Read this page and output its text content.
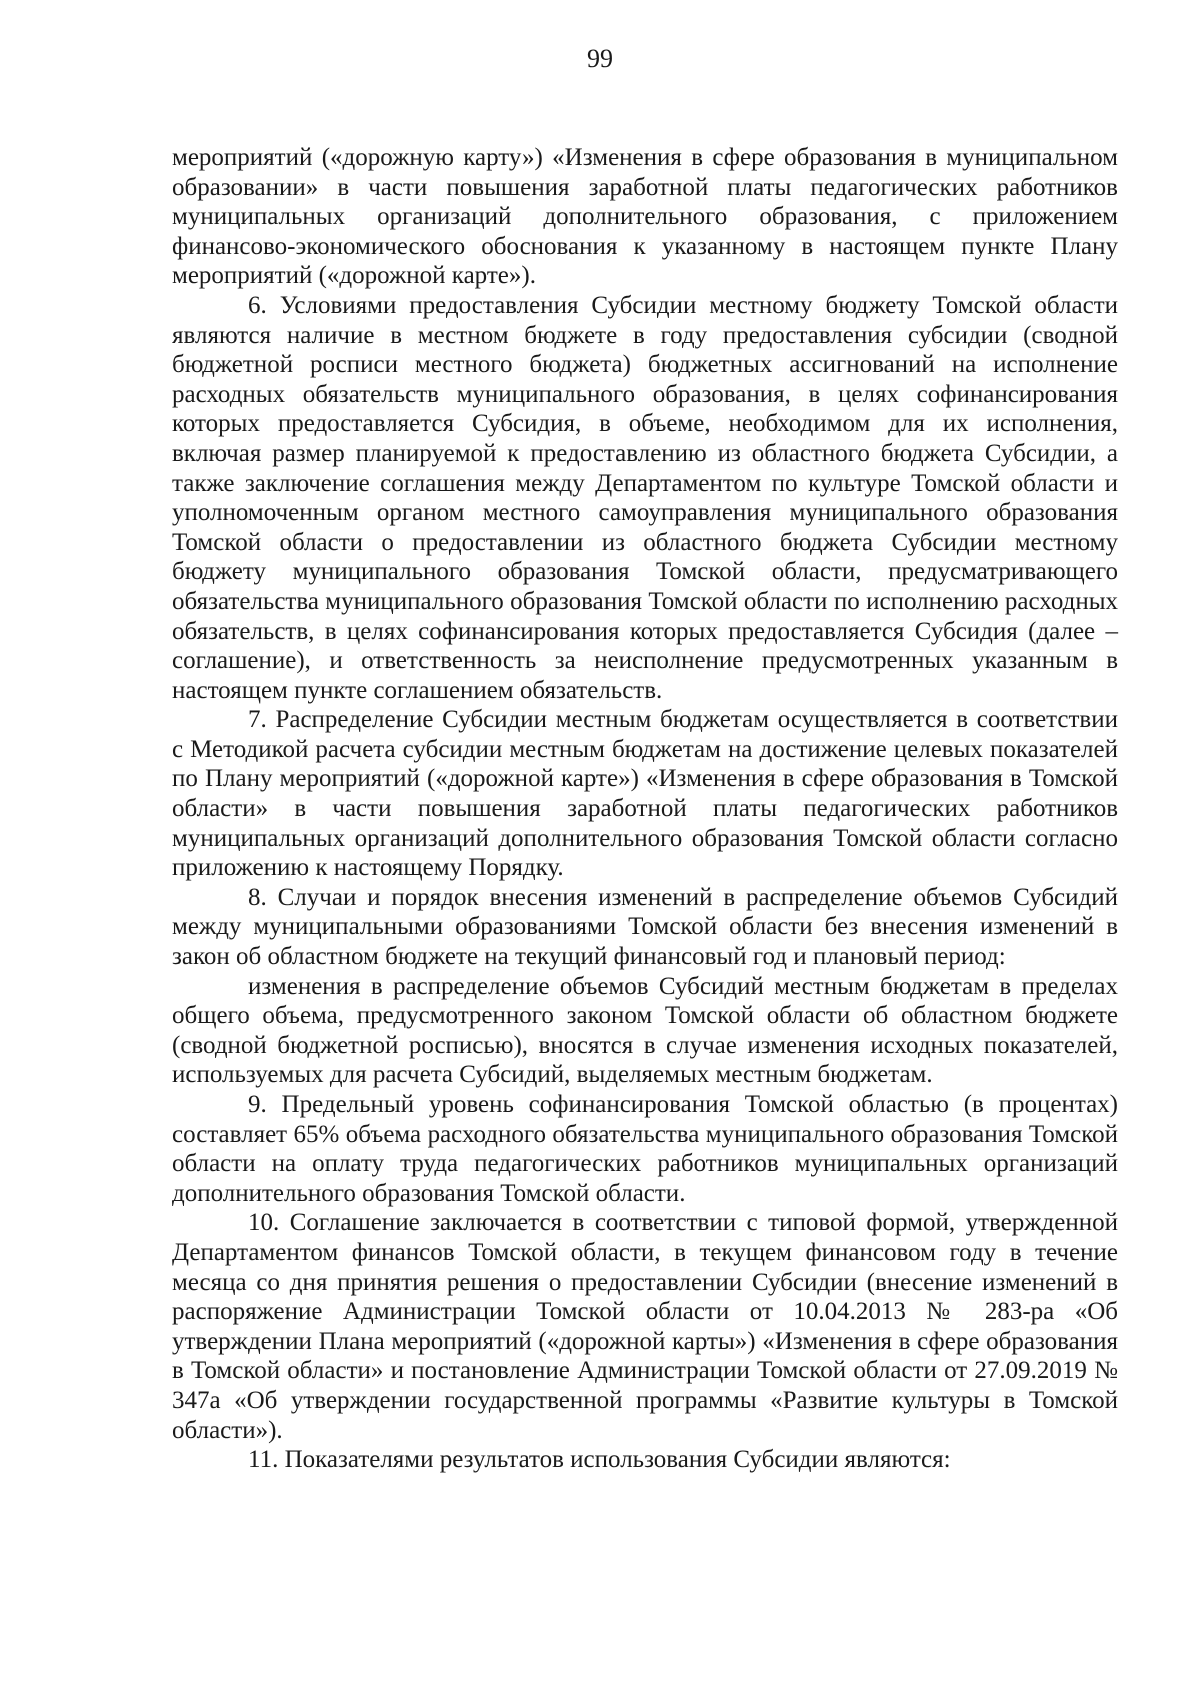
99

мероприятий («дорожную карту») «Изменения в сфере образования в муниципальном образовании» в части повышения заработной платы педагогических работников муниципальных организаций дополнительного образования, с приложением финансово-экономического обоснования к указанному в настоящем пункте Плану мероприятий («дорожной карте»).

6. Условиями предоставления Субсидии местному бюджету Томской области являются наличие в местном бюджете в году предоставления субсидии (сводной бюджетной росписи местного бюджета) бюджетных ассигнований на исполнение расходных обязательств муниципального образования, в целях софинансирования которых предоставляется Субсидия, в объеме, необходимом для их исполнения, включая размер планируемой к предоставлению из областного бюджета Субсидии, а также заключение соглашения между Департаментом по культуре Томской области и уполномоченным органом местного самоуправления муниципального образования Томской области о предоставлении из областного бюджета Субсидии местному бюджету муниципального образования Томской области, предусматривающего обязательства муниципального образования Томской области по исполнению расходных обязательств, в целях софинансирования которых предоставляется Субсидия (далее – соглашение), и ответственность за неисполнение предусмотренных указанным в настоящем пункте соглашением обязательств.

7. Распределение Субсидии местным бюджетам осуществляется в соответствии с Методикой расчета субсидии местным бюджетам на достижение целевых показателей по Плану мероприятий («дорожной карте») «Изменения в сфере образования в Томской области» в части повышения заработной платы педагогических работников муниципальных организаций дополнительного образования Томской области согласно приложению к настоящему Порядку.

8. Случаи и порядок внесения изменений в распределение объемов Субсидий между муниципальными образованиями Томской области без внесения изменений в закон об областном бюджете на текущий финансовый год и плановый период:

изменения в распределение объемов Субсидий местным бюджетам в пределах общего объема, предусмотренного законом Томской области об областном бюджете (сводной бюджетной росписью), вносятся в случае изменения исходных показателей, используемых для расчета Субсидий, выделяемых местным бюджетам.

9. Предельный уровень софинансирования Томской областью (в процентах) составляет 65% объема расходного обязательства муниципального образования Томской области на оплату труда педагогических работников муниципальных организаций дополнительного образования Томской области.

10. Соглашение заключается в соответствии с типовой формой, утвержденной Департаментом финансов Томской области, в текущем финансовом году в течение месяца со дня принятия решения о предоставлении Субсидии (внесение изменений в распоряжение Администрации Томской области от 10.04.2013 № 283-ра «Об утверждении Плана мероприятий («дорожной карты») «Изменения в сфере образования в Томской области» и постановление Администрации Томской области от 27.09.2019 № 347а «Об утверждении государственной программы «Развитие культуры в Томской области»).

11. Показателями результатов использования Субсидии являются:
